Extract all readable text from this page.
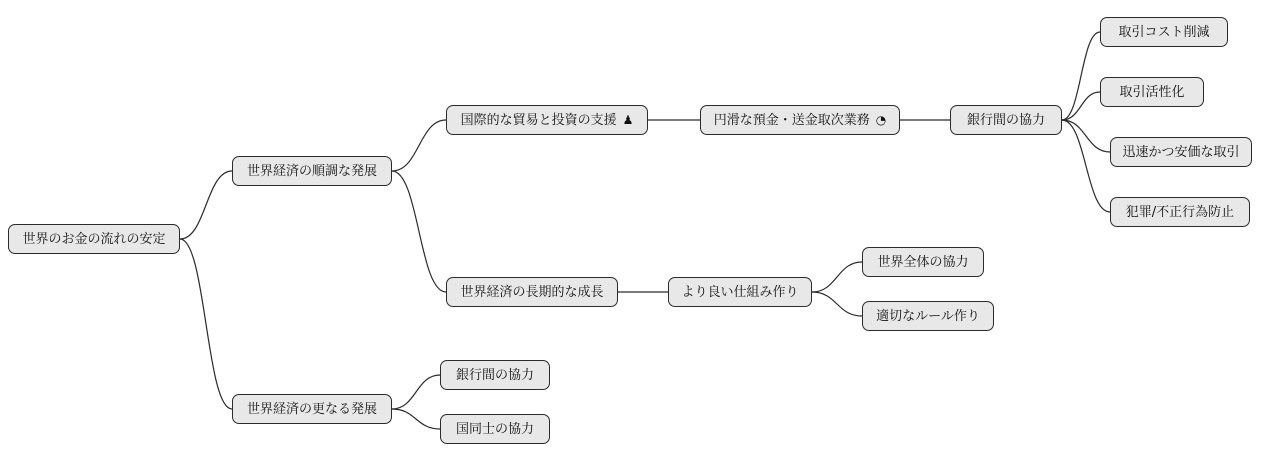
世界のお金の流れの安定
世界経済の順調な発展
世界経済の更なる発展
国際的な貿易と投資の支援 ♟
世界経済の長期的な成長
銀行間の協力
国同士の協力
円滑な預金・送金取次業務 ◔
より良い仕組み作り
銀行間の協力
世界全体の協力
適切なルール作り
取引コスト削減
取引活性化
迅速かつ安価な取引
犯罪/不正行為防止
